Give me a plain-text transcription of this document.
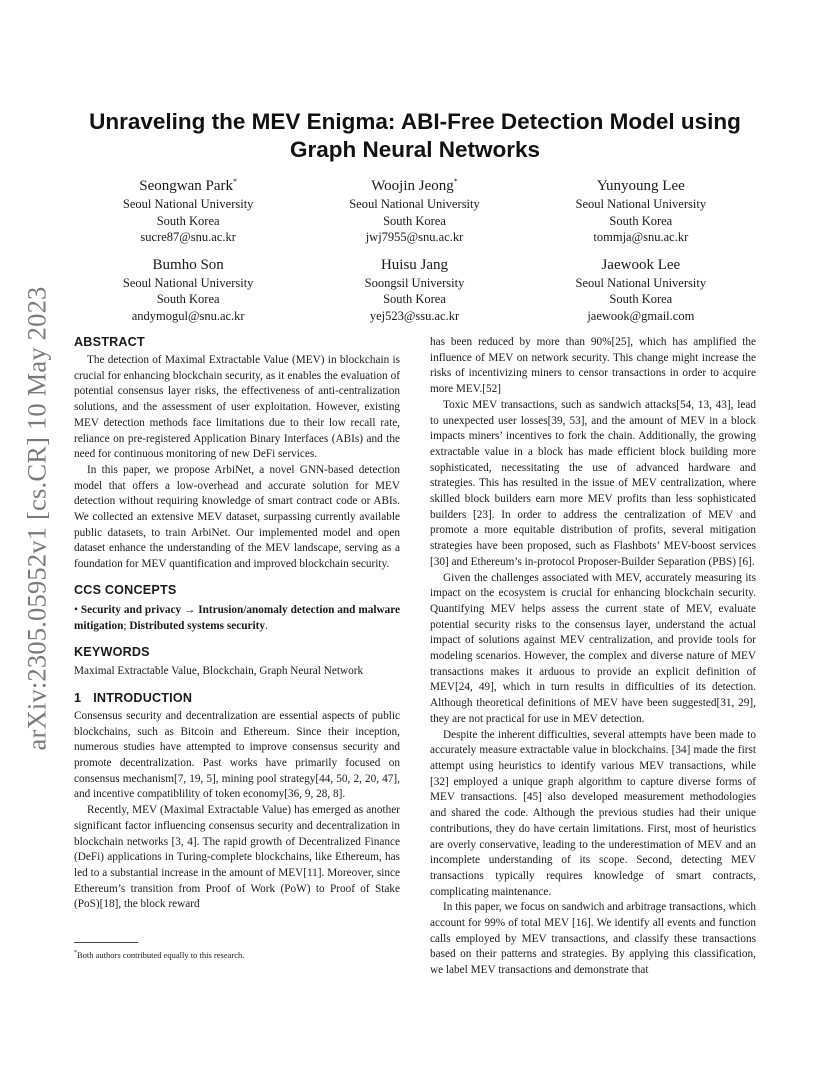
arXiv:2305.05952v1 [cs.CR] 10 May 2023
Unraveling the MEV Enigma: ABI-Free Detection Model using Graph Neural Networks
Seongwan Park*
Seoul National University
South Korea
sucre87@snu.ac.kr
Woojin Jeong*
Seoul National University
South Korea
jwj7955@snu.ac.kr
Yunyoung Lee
Seoul National University
South Korea
tommja@snu.ac.kr
Bumho Son
Seoul National University
South Korea
andymogul@snu.ac.kr
Huisu Jang
Soongsil University
South Korea
yej523@ssu.ac.kr
Jaewook Lee
Seoul National University
South Korea
jaewook@gmail.com
ABSTRACT

The detection of Maximal Extractable Value (MEV) in blockchain is crucial for enhancing blockchain security, as it enables the evaluation of potential consensus layer risks, the effectiveness of anti-centralization solutions, and the assessment of user exploitation. However, existing MEV detection methods face limitations due to their low recall rate, reliance on pre-registered Application Binary Interfaces (ABIs) and the need for continuous monitoring of new DeFi services.

In this paper, we propose ArbiNet, a novel GNN-based detection model that offers a low-overhead and accurate solution for MEV detection without requiring knowledge of smart contract code or ABIs. We collected an extensive MEV dataset, surpassing currently available public datasets, to train ArbiNet. Our implemented model and open dataset enhance the understanding of the MEV landscape, serving as a foundation for MEV quantification and improved blockchain security.

CCS CONCEPTS

• Security and privacy → Intrusion/anomaly detection and malware mitigation; Distributed systems security.

KEYWORDS

Maximal Extractable Value, Blockchain, Graph Neural Network

1 INTRODUCTION

Consensus security and decentralization are essential aspects of public blockchains, such as Bitcoin and Ethereum. Since their inception, numerous studies have attempted to improve consensus security and promote decentralization. Past works have primarily focused on consensus mechanism[7, 19, 5], mining pool strategy[44, 50, 2, 20, 47], and incentive compatiblility of token economy[36, 9, 28, 8].

Recently, MEV (Maximal Extractable Value) has emerged as another significant factor influencing consensus security and decentralization in blockchain networks [3, 4]. The rapid growth of Decentralized Finance (DeFi) applications in Turing-complete blockchains, like Ethereum, has led to a substantial increase in the amount of MEV[11]. Moreover, since Ethereum’s transition from Proof of Work (PoW) to Proof of Stake (PoS)[18], the block reward

has been reduced by more than 90%[25], which has amplified the influence of MEV on network security. This change might increase the risks of incentivizing miners to censor transactions in order to acquire more MEV.[52]

Toxic MEV transactions, such as sandwich attacks[54, 13, 43], lead to unexpected user losses[39, 53], and the amount of MEV in a block impacts miners’ incentives to fork the chain. Additionally, the growing extractable value in a block has made efficient block building more sophisticated, necessitating the use of advanced hardware and strategies. This has resulted in the issue of MEV centralization, where skilled block builders earn more MEV profits than less sophisticated builders [23]. In order to address the centralization of MEV and promote a more equitable distribution of profits, several mitigation strategies have been proposed, such as Flashbots’ MEV-boost services [30] and Ethereum’s in-protocol Proposer-Builder Separation (PBS) [6].

Given the challenges associated with MEV, accurately measuring its impact on the ecosystem is crucial for enhancing blockchain security. Quantifying MEV helps assess the current state of MEV, evaluate potential security risks to the consensus layer, understand the actual impact of solutions against MEV centralization, and provide tools for modeling scenarios. However, the complex and diverse nature of MEV transactions makes it arduous to provide an explicit definition of MEV[24, 49], which in turn results in difficulties of its detection. Although theoretical definitions of MEV have been suggested[31, 29], they are not practical for use in MEV detection.

Despite the inherent difficulties, several attempts have been made to accurately measure extractable value in blockchains. [34] made the first attempt using heuristics to identify various MEV transactions, while [32] employed a unique graph algorithm to capture diverse forms of MEV transactions. [45] also developed measurement methodologies and shared the code. Although the previous studies had their unique contributions, they do have certain limitations. First, most of heuristics are overly conservative, leading to the underestimation of MEV and an incomplete understanding of its scope. Second, detecting MEV transactions typically requires knowledge of smart contracts, complicating maintenance.

In this paper, we focus on sandwich and arbitrage transactions, which account for 99% of total MEV [16]. We identify all events and function calls employed by MEV transactions, and classify these transactions based on their patterns and strategies. By applying this classification, we label MEV transactions and demonstrate that

*Both authors contributed equally to this research.
